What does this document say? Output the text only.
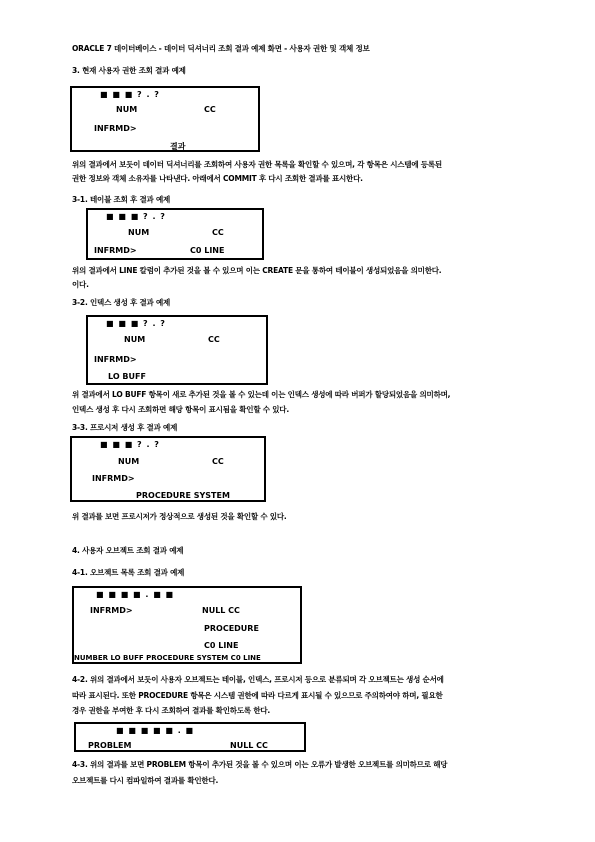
ORACLE 7 데이터베이스 - 데이터 딕셔너리 조회 결과 예제 화면 - 사용자 권한 및 객체 정보
3. 현재 사용자 권한 조회 결과 예제
■ ■ ■ ? . ?
NUM	CC
INFRMD>
결과
위의 결과에서 보듯이 데이터 딕셔너리를 조회하여 사용자 권한 목록을 확인할 수 있으며, 각 항목은 시스템에 등록된
권한 정보와 객체 소유자를 나타낸다. 아래에서 COMMIT 후 다시 조회한 결과를 표시한다.
3-1. 테이블 조회 후 결과 예제
■ ■ ■ ? . ?
NUM	CC
INFRMD>	C0 LINE
위의 결과에서 LINE 칼럼이 추가된 것을 볼 수 있으며 이는 CREATE 문을 통하여 테이블이 생성되었음을 의미한다.
이다.
3-2. 인덱스 생성 후 결과 예제
■ ■ ■ ? . ?
NUM	CC
INFRMD>
LO BUFF
위 결과에서 LO BUFF 항목이 새로 추가된 것을 볼 수 있는데 이는 인덱스 생성에 따라 버퍼가 할당되었음을 의미하며,
인덱스 생성 후 다시 조회하면 해당 항목이 표시됨을 확인할 수 있다.
3-3. 프로시저 생성 후 결과 예제
■ ■ ■ ? . ?
NUM	CC
INFRMD>
PROCEDURE SYSTEM
위 결과를 보면 프로시저가 정상적으로 생성된 것을 확인할 수 있다.
4. 사용자 오브젝트 조회 결과 예제
4-1. 오브젝트 목록 조회 결과 예제
■ ■ ■ ■ . ■ ■
INFRMD>	NULL CC
PROCEDURE
C0 LINE
NUMBER LO BUFF PROCEDURE SYSTEM C0 LINE
4-2. 위의 결과에서 보듯이 사용자 오브젝트는 테이블, 인덱스, 프로시저 등으로 분류되며 각 오브젝트는 생성 순서에
따라 표시된다. 또한 PROCEDURE 항목은 시스템 권한에 따라 다르게 표시될 수 있으므로 주의하여야 하며, 필요한
경우 권한을 부여한 후 다시 조회하여 결과를 확인하도록 한다.
■ ■ ■ ■ ■ . ■
PROBLEM	NULL CC
4-3. 위의 결과를 보면 PROBLEM 항목이 추가된 것을 볼 수 있으며 이는 오류가 발생한 오브젝트를 의미하므로 해당
오브젝트를 다시 컴파일하여 결과를 확인한다.
